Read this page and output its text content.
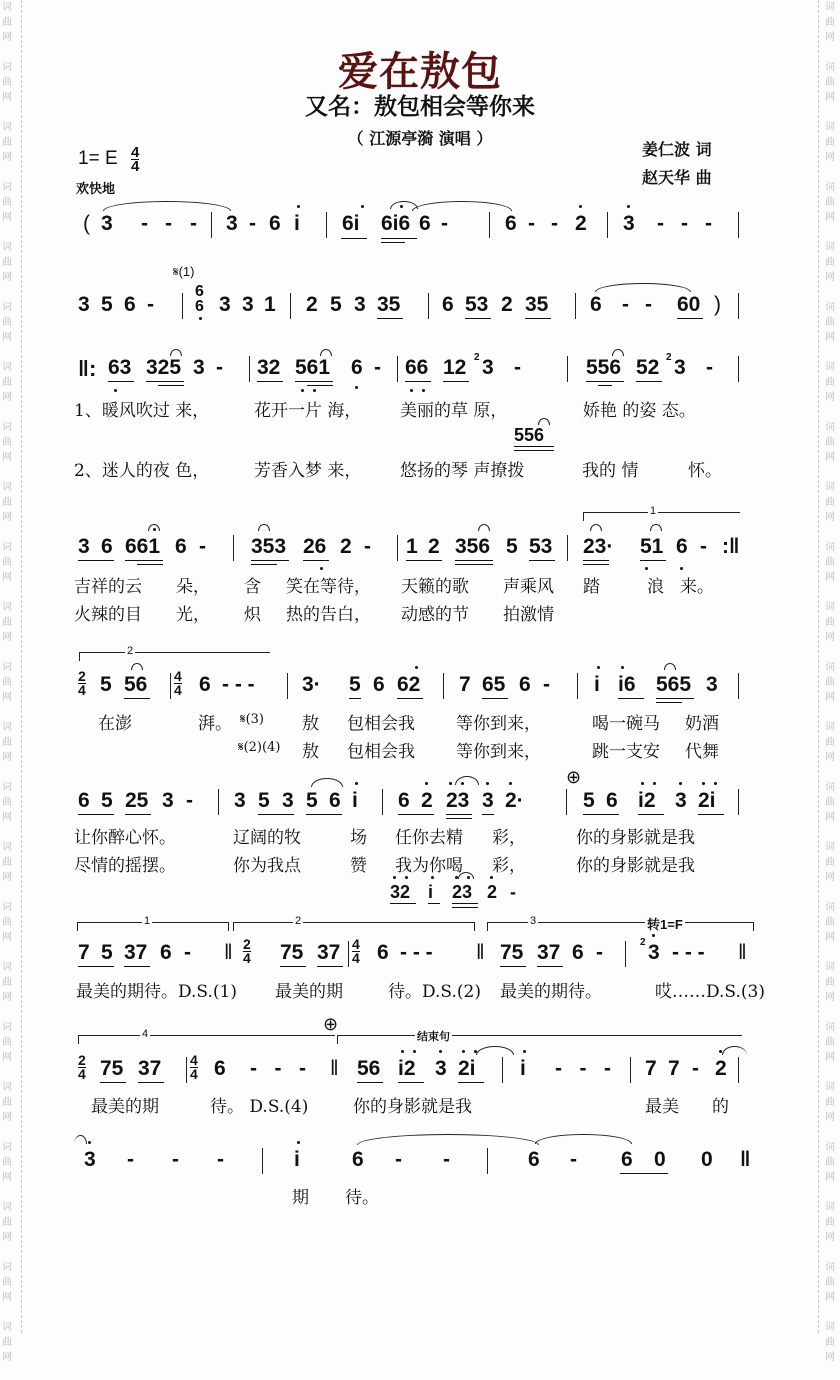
词
曲
网

词
曲
网

词
曲
网

词
曲
网

词
曲
网

词
曲
网

词
曲
网

词
曲
网

词
曲
网

词
曲
网

词
曲
网

词
曲
网

词
曲
网

词
曲
网

词
曲
网

词
曲
网

词
曲
网

词
曲
网

词
曲
网

词
曲
网

词
曲
网

词
曲
网

词
曲
网

词
曲
网

词
曲
网

词
曲
网

词
曲
网

词
曲
网

词
曲
网

词
曲
网

词
曲
网

词
曲
网

词
曲
网

词
曲
网

词
曲
网

词
曲
网

词
曲
网

词
曲
网

词
曲
网

词
曲
网

词
曲
网

词
曲
网

词
曲
网

词
曲
网

词
曲
网

词
曲
网

爱在敖包
又名：敖包相会等你来
（ 江源亭漪 演唱 ）
姜仁波 词
赵天华 曲
1= E $\frac{4}{4}$
欢快地
( 3 - - - 3 - 6 i 6i 6i6 6 -	6 - - 2 3 - - -
𝄋(1)
3 5 6 -
6
6 3 3 1 2 5 3 35 6 53 2 35 6 - - 60 )
‖: 63 325 3 - 32 561 6 - 66 12 2 3 -	556 52 2 3 -
1、暖风吹过 来，	花开一片 海， 美丽的草 原，	娇艳 的姿 态。
556
2、迷人的夜 色，	芳香入梦 来， 悠扬的琴 声撩拨	我的 情	怀。
3 6 661 6 - 353 26 2 - 1 2 356 5 53 23· 51 6 - :‖
1
吉祥的云 朵， 含 笑在等待， 天籁的歌 声乘风 踏	浪 来。
火辣的目 光， 炽 热的告白， 动感的节 拍激情
2
$\frac{2}{4} 5$ $56 \frac{4}{4} 6$ - - - 3· 5 6 62 7 65 6 - i i6 565 3
在澎	湃。 𝄋(3) 敖 包相会我 等你到来，	喝一碗马 奶酒
𝄋(2)(4) 敖 包相会我 等你到来，	跳一支安 代舞
6 5 25 3 - 3 5 3 5 6 i 6 2 23 3 2·
⊕
5 6 i2 3 2i
让你醉心怀。	辽阔的牧	场 任你去精 彩，	你的身影就是我
尽情的摇摆。	你为我点	赞 我为你喝 彩，	你的身影就是我
32 i 23 2 -
1	2	3	转1=F
7 5 37 6 - ‖ $\frac{2}{4} 75$ $37 \frac{4}{4} 6$ - - - ‖ 75 37 6 -	2 3 - - - ‖
最美的期待。D.S.(1) 最美的期	待。D.S.(2) 最美的期待。	哎……D.S.(3)
4	⊕
结束句
$\frac{2}{4} 75$ $37 \frac{4}{4} 6$ -   -   - ‖ 56 i2 3 2i i -   -   - 7 7 - 2
最美的期	待。 D.S.(4)	你的身影就是我	最美 的
3 - - -	i 6 - -	6 - 6 0 0 ‖
期 待。
